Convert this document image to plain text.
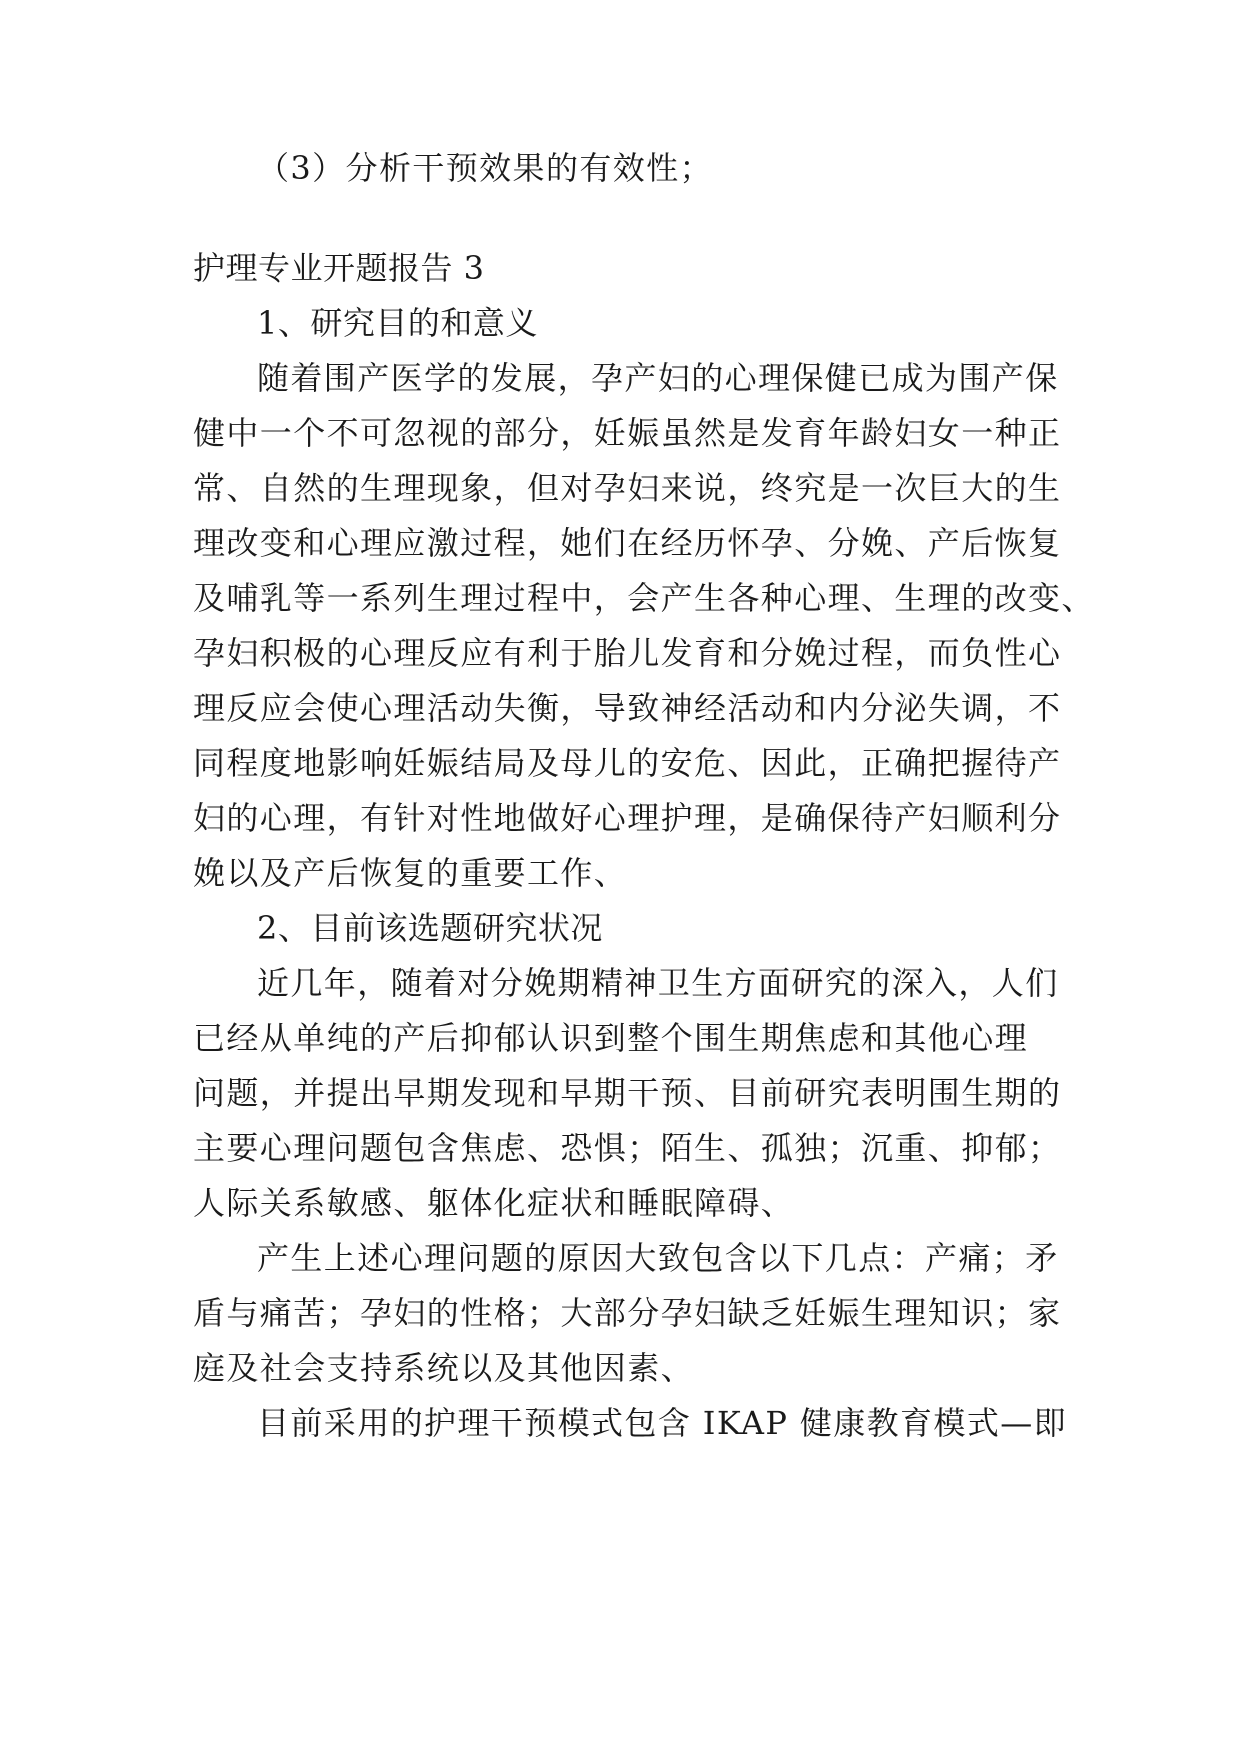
（3）分析干预效果的有效性；
护理专业开题报告 3
1、研究目的和意义
随着围产医学的发展，孕产妇的心理保健已成为围产保
健中一个不可忽视的部分，妊娠虽然是发育年龄妇女一种正
常、自然的生理现象，但对孕妇来说，终究是一次巨大的生
理改变和心理应激过程，她们在经历怀孕、分娩、产后恢复
及哺乳等一系列生理过程中，会产生各种心理、生理的改变、
孕妇积极的心理反应有利于胎儿发育和分娩过程，而负性心
理反应会使心理活动失衡，导致神经活动和内分泌失调，不
同程度地影响妊娠结局及母儿的安危、因此，正确把握待产
妇的心理，有针对性地做好心理护理，是确保待产妇顺利分
娩以及产后恢复的重要工作、
2、目前该选题研究状况
近几年，随着对分娩期精神卫生方面研究的深入，人们
已经从单纯的产后抑郁认识到整个围生期焦虑和其他心理
问题，并提出早期发现和早期干预、目前研究表明围生期的
主要心理问题包含焦虑、恐惧；陌生、孤独；沉重、抑郁；
人际关系敏感、躯体化症状和睡眠障碍、
产生上述心理问题的原因大致包含以下几点：产痛；矛
盾与痛苦；孕妇的性格；大部分孕妇缺乏妊娠生理知识；家
庭及社会支持系统以及其他因素、
目前采用的护理干预模式包含 IKAP 健康教育模式—即
